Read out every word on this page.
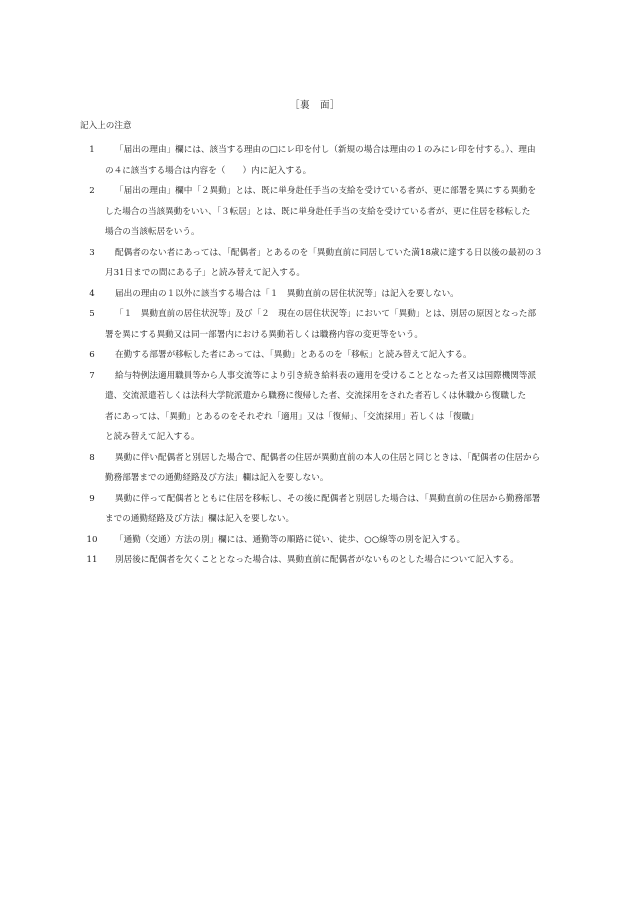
［裏　面］
記入上の注意
1	「届出の理由」欄には、該当する理由の□にレ印を付し（新規の場合は理由の１のみにレ印を付する。）、理由
の４に該当する場合は内容を（　　）内に記入する。
2	「届出の理由」欄中「２異動」とは、既に単身赴任手当の支給を受けている者が、更に部署を異にする異動を
した場合の当該異動をいい、「３転居」とは、既に単身赴任手当の支給を受けている者が、更に住居を移転した
場合の当該転居をいう。
3	配偶者のない者にあっては、「配偶者」とあるのを「異動直前に同居していた満18歳に達する日以後の最初の３
月31日までの間にある子」と読み替えて記入する。
4	届出の理由の１以外に該当する場合は「１　異動直前の居住状況等」は記入を要しない。
5	「１　異動直前の居住状況等」及び「２　現在の居住状況等」において「異動」とは、別居の原因となった部
署を異にする異動又は同一部署内における異動若しくは職務内容の変更等をいう。
6	在勤する部署が移転した者にあっては、「異動」とあるのを「移転」と読み替えて記入する。
7	給与特例法適用職員等から人事交流等により引き続き給料表の適用を受けることとなった者又は国際機関等派
遣、交流派遣若しくは法科大学院派遣から職務に復帰した者、交流採用をされた者若しくは休職から復職した
者にあっては、「異動」とあるのをそれぞれ「適用」又は「復帰」、「交流採用」若しくは「復職」
と読み替えて記入する。
8	異動に伴い配偶者と別居した場合で、配偶者の住居が異動直前の本人の住居と同じときは、「配偶者の住居から
勤務部署までの通勤経路及び方法」欄は記入を要しない。
9	異動に伴って配偶者とともに住居を移転し、その後に配偶者と別居した場合は、「異動直前の住居から勤務部署
までの通勤経路及び方法」欄は記入を要しない。
10	「通勤（交通）方法の別」欄には、通勤等の順路に従い、徒歩、○○線等の別を記入する。
11	別居後に配偶者を欠くこととなった場合は、異動直前に配偶者がないものとした場合について記入する。
